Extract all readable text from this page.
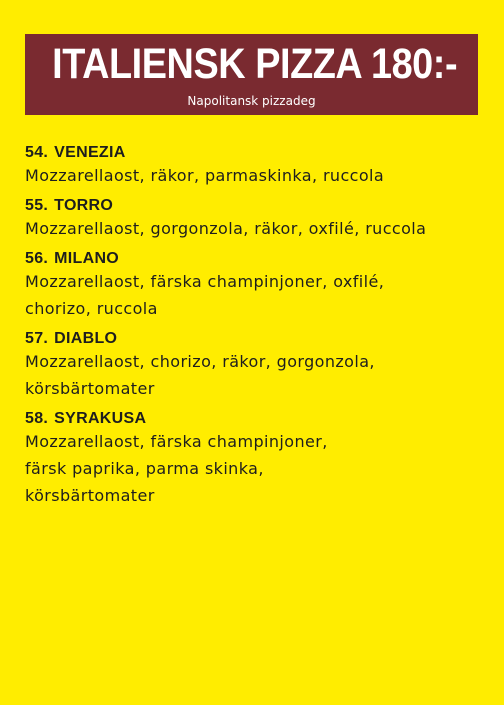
ITALIENSK PIZZA 180:-
Napolitansk pizzadeg
54. VENEZIA
Mozzarellaost, räkor, parmaskinka, ruccola
55. TORRO
Mozzarellaost, gorgonzola, räkor, oxfilé, ruccola
56. MILANO
Mozzarellaost, färska champinjoner, oxfilé,
chorizo, ruccola
57. DIABLO
Mozzarellaost, chorizo, räkor, gorgonzola,
körsbärtomater
58. SYRAKUSA
Mozzarellaost, färska champinjoner,
färsk paprika, parma skinka,
körsbärtomater
